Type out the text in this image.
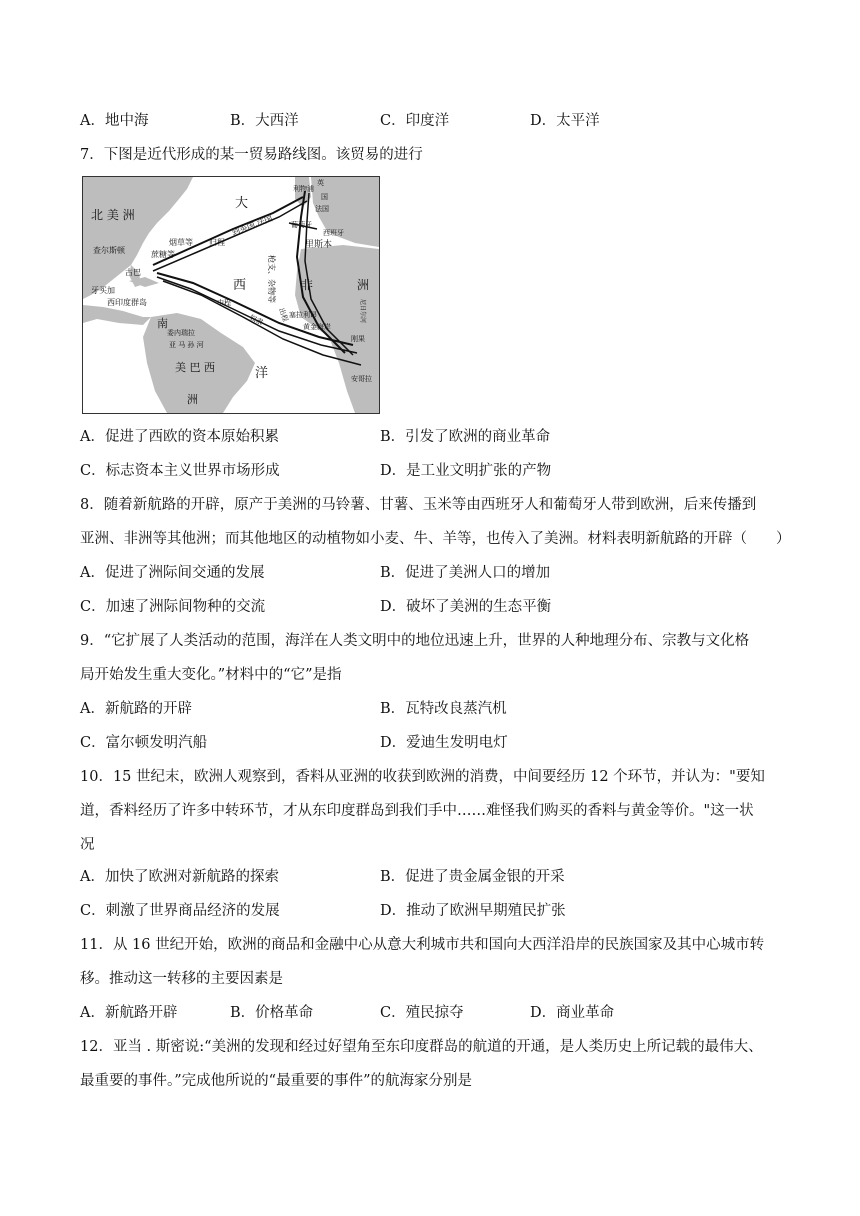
A．地中海	B．大西洋	C．印度洋	D．太平洋
7．下图是近代形成的某一贸易路线图。该贸易的进行
北 美 洲
大
西
洋
查尔斯顿
古巴
牙买加
西印度群岛
南
委内瑞拉
亚 马 孙 河
美 巴 西
洲
烟草等
蔗糖等
归程
到英国,法国
利物浦
英
国
法国
葡萄牙
西班牙
里斯本
枪支、杂物等
出程
中程
奴隶
非	洲
塞拉利昂
黄金海岸
尼日尔河
刚果
安哥拉
A．促进了西欧的资本原始积累	B．引发了欧洲的商业革命
C．标志资本主义世界市场形成	D．是工业文明扩张的产物
8．随着新航路的开辟，原产于美洲的马铃薯、甘薯、玉米等由西班牙人和葡萄牙人带到欧洲，后来传播到
亚洲、非洲等其他洲；而其他地区的动植物如小麦、牛、羊等，也传入了美洲。材料表明新航路的开辟（　　）
A．促进了洲际间交通的发展	B．促进了美洲人口的增加
C．加速了洲际间物种的交流	D．破坏了美洲的生态平衡
9．“它扩展了人类活动的范围，海洋在人类文明中的地位迅速上升，世界的人种地理分布、宗教与文化格
局开始发生重大变化。”材料中的“它”是指
A．新航路的开辟	B．瓦特改良蒸汽机
C．富尔顿发明汽船	D．爱迪生发明电灯
10．15 世纪末，欧洲人观察到，香料从亚洲的收获到欧洲的消费，中间要经历 12 个环节，并认为："要知
道，香料经历了许多中转环节，才从东印度群岛到我们手中……难怪我们购买的香料与黄金等价。"这一状
况
A．加快了欧洲对新航路的探索	B．促进了贵金属金银的开采
C．刺激了世界商品经济的发展	D．推动了欧洲早期殖民扩张
11．从 16 世纪开始，欧洲的商品和金融中心从意大利城市共和国向大西洋沿岸的民族国家及其中心城市转
移。推动这一转移的主要因素是
A．新航路开辟	B．价格革命	C．殖民掠夺	D．商业革命
12．亚当 . 斯密说:“美洲的发现和经过好望角至东印度群岛的航道的开通，是人类历史上所记载的最伟大、
最重要的事件。”完成他所说的“最重要的事件”的航海家分别是
